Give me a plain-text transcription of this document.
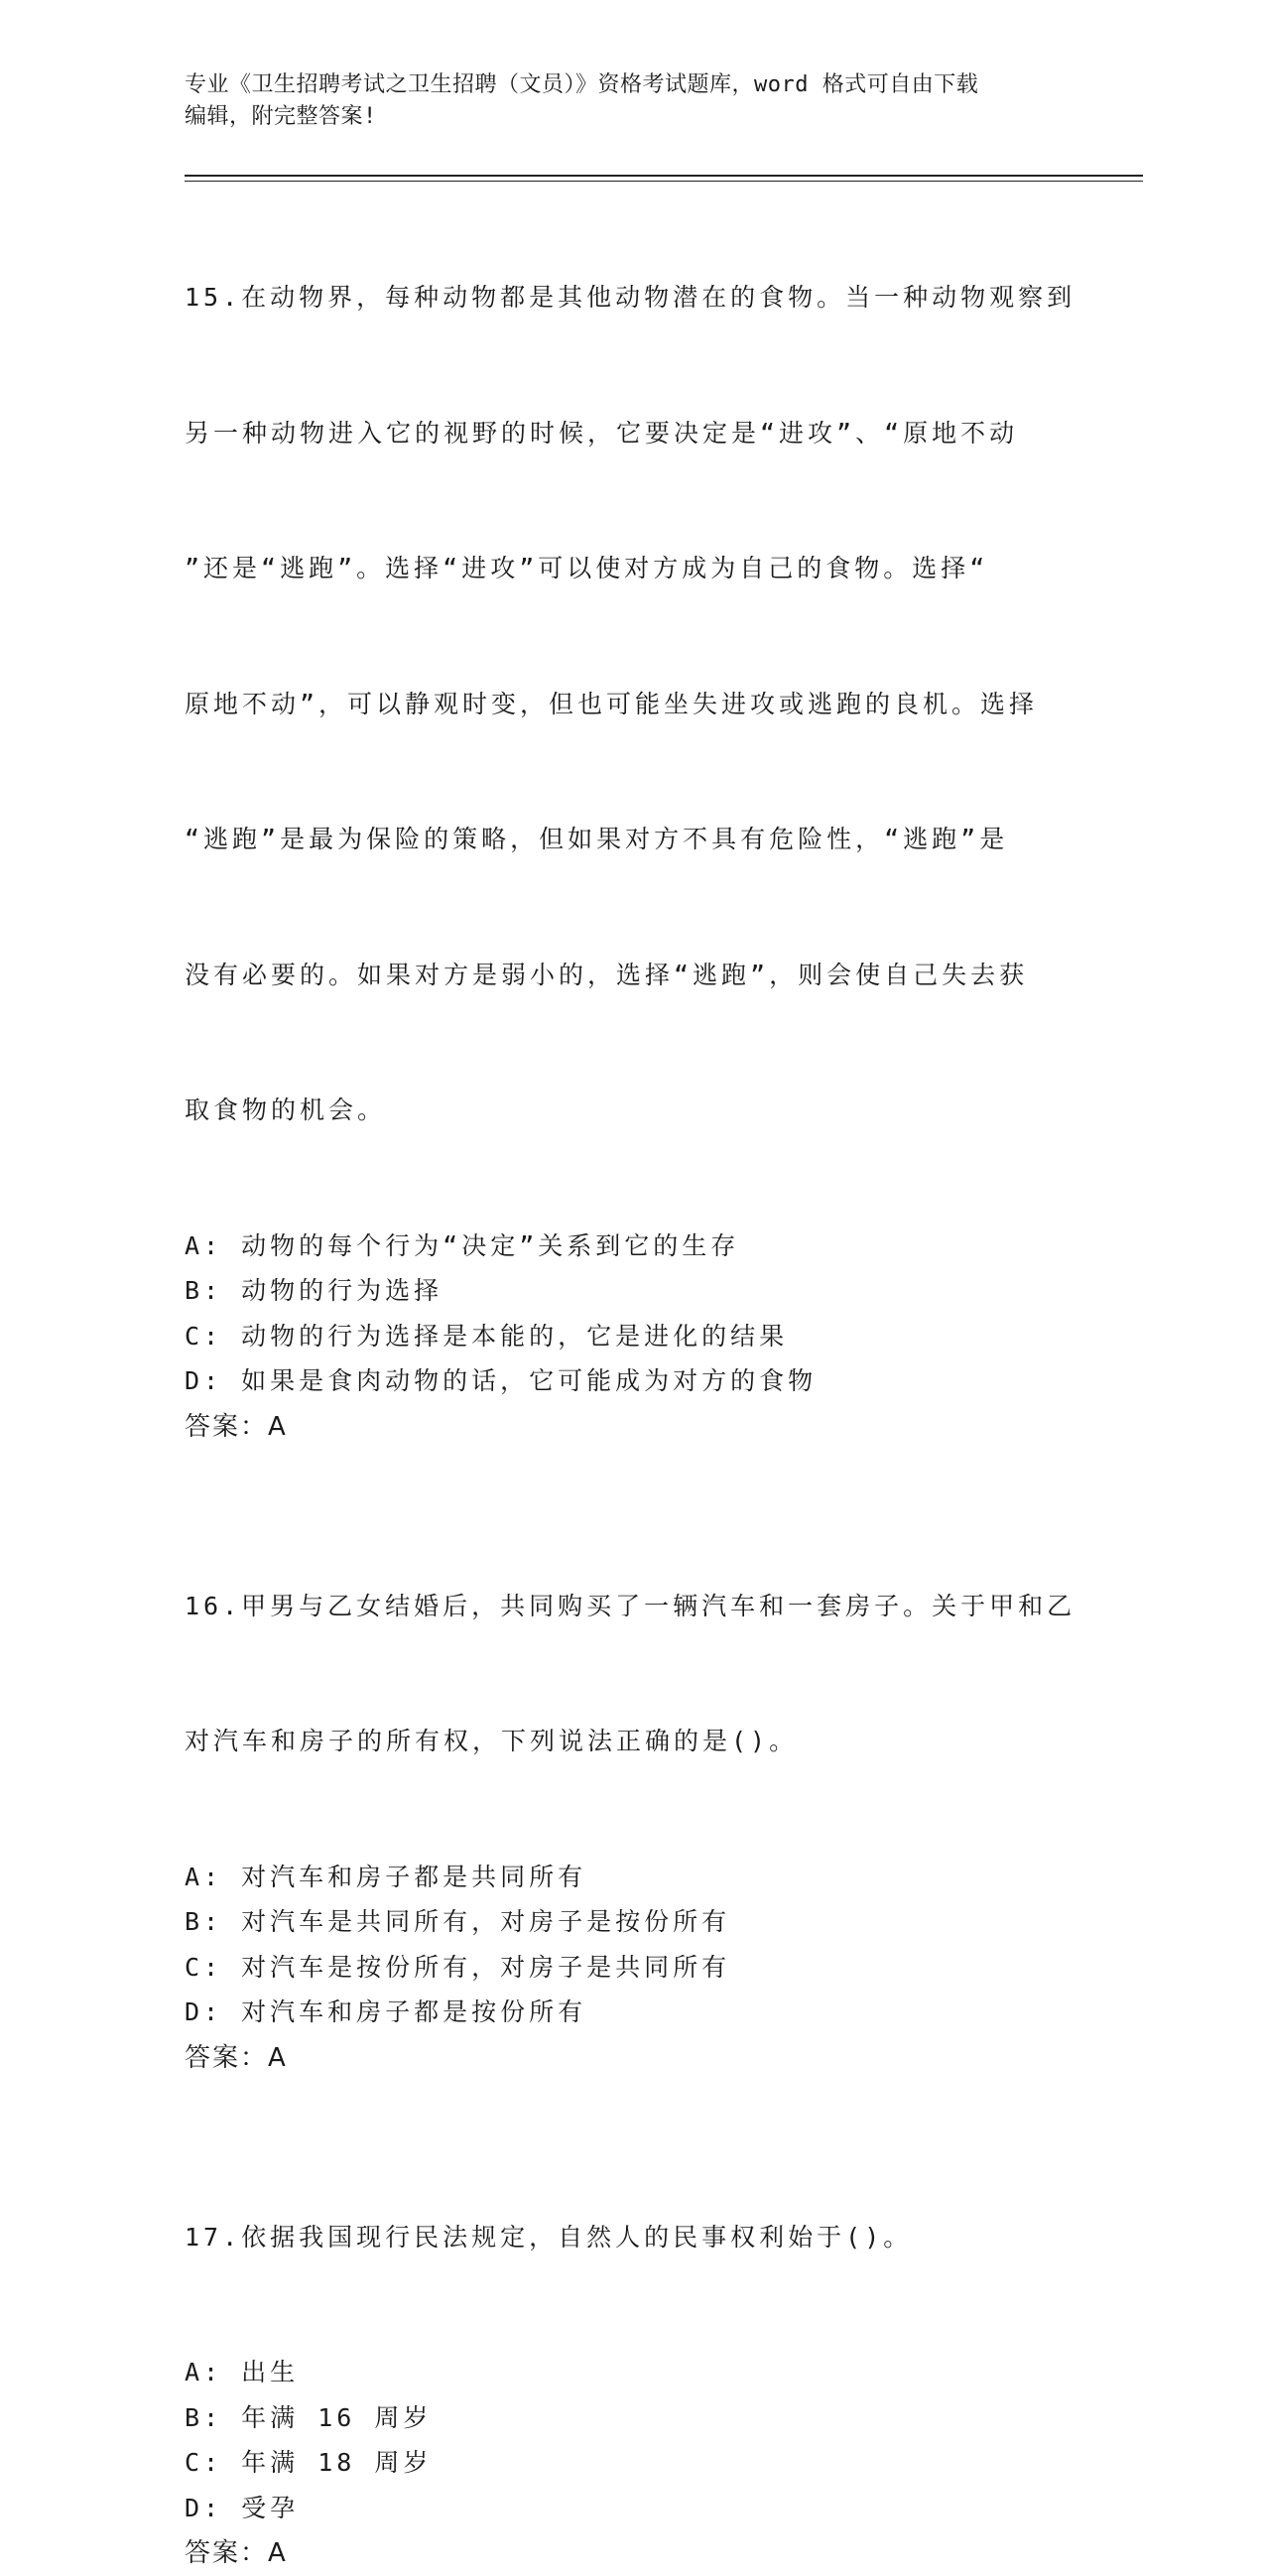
专业《卫生招聘考试之卫生招聘（文员）》资格考试题库，word 格式可自由下载
编辑，附完整答案!

15.在动物界，每种动物都是其他动物潜在的食物。当一种动物观察到

另一种动物进入它的视野的时候，它要决定是“进攻”、“原地不动

”还是“逃跑”。选择“进攻”可以使对方成为自己的食物。选择“

原地不动”，可以静观时变，但也可能坐失进攻或逃跑的良机。选择

“逃跑”是最为保险的策略，但如果对方不具有危险性，“逃跑”是

没有必要的。如果对方是弱小的，选择“逃跑”，则会使自己失去获

取食物的机会。

A: 动物的每个行为“决定”关系到它的生存
B: 动物的行为选择
C: 动物的行为选择是本能的，它是进化的结果
D: 如果是食肉动物的话，它可能成为对方的食物
答案：A

16.甲男与乙女结婚后，共同购买了一辆汽车和一套房子。关于甲和乙

对汽车和房子的所有权，下列说法正确的是()。

A: 对汽车和房子都是共同所有
B: 对汽车是共同所有，对房子是按份所有
C: 对汽车是按份所有，对房子是共同所有
D: 对汽车和房子都是按份所有
答案：A

17.依据我国现行民法规定，自然人的民事权利始于()。

A: 出生
B: 年满 16 周岁
C: 年满 18 周岁
D: 受孕
答案：A
